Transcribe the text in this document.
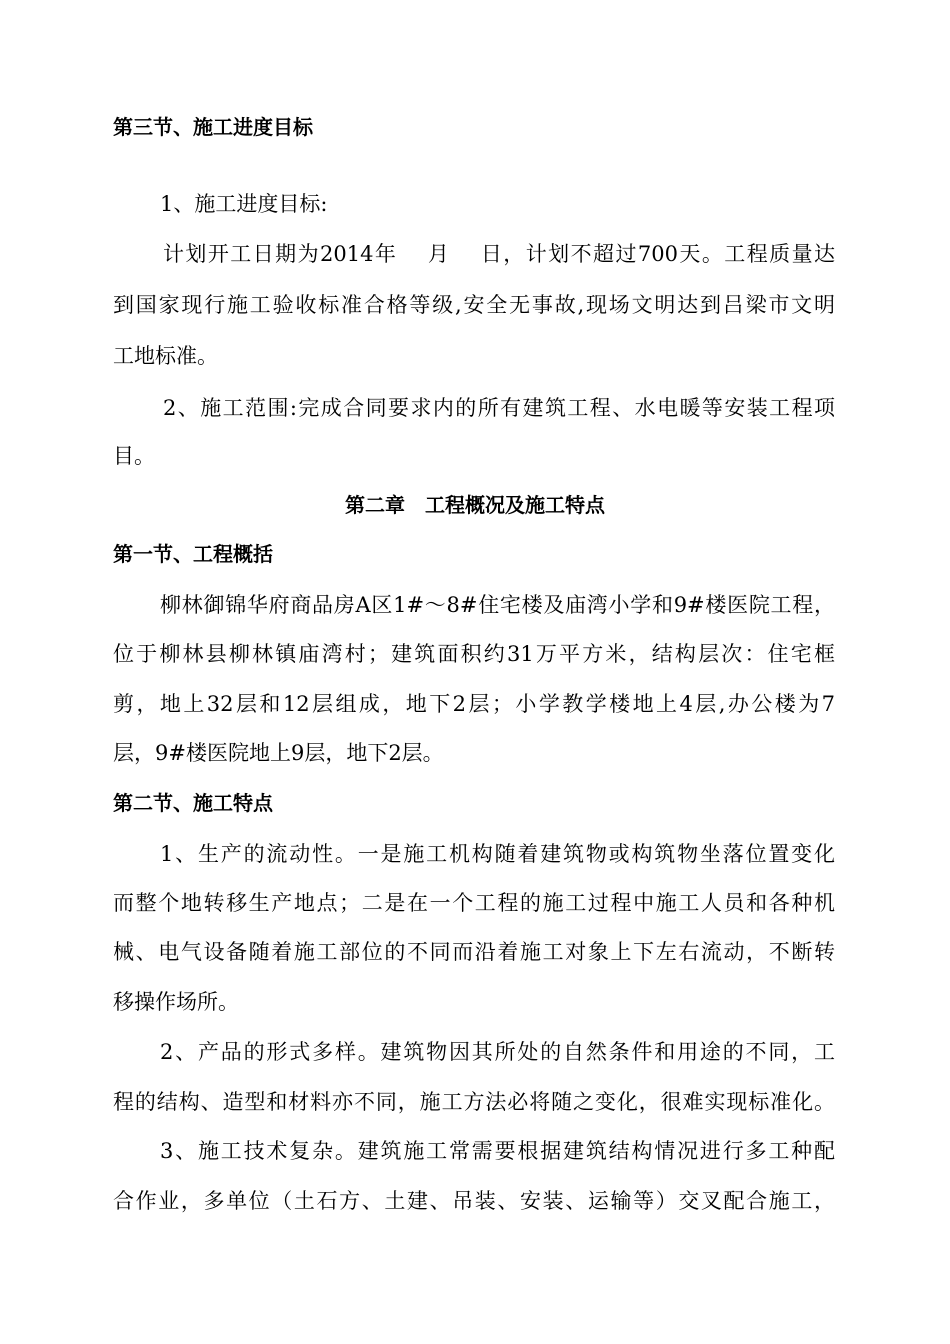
第三节、施工进度目标
1、施工进度目标:
计划开工日期为2014年　 月　 日，计划不超过700天。工程质量达
到国家现行施工验收标准合格等级,安全无事故,现场文明达到吕梁市文明
工地标准。
2、施工范围:完成合同要求内的所有建筑工程、水电暖等安装工程项
目。
第二章　工程概况及施工特点
第一节、工程概括
柳林御锦华府商品房A区1#～8#住宅楼及庙湾小学和9#楼医院工程，
位于柳林县柳林镇庙湾村；建筑面积约31万平方米，结构层次：住宅框
剪，地上32层和12层组成，地下2层；小学教学楼地上4层,办公楼为7
层，9#楼医院地上9层，地下2层。
第二节、施工特点
1、生产的流动性。一是施工机构随着建筑物或构筑物坐落位置变化
而整个地转移生产地点；二是在一个工程的施工过程中施工人员和各种机
械、电气设备随着施工部位的不同而沿着施工对象上下左右流动，不断转
移操作场所。
2、产品的形式多样。建筑物因其所处的自然条件和用途的不同，工
程的结构、造型和材料亦不同，施工方法必将随之变化，很难实现标准化。
3、施工技术复杂。建筑施工常需要根据建筑结构情况进行多工种配
合作业，多单位（土石方、土建、吊装、安装、运输等）交叉配合施工，
